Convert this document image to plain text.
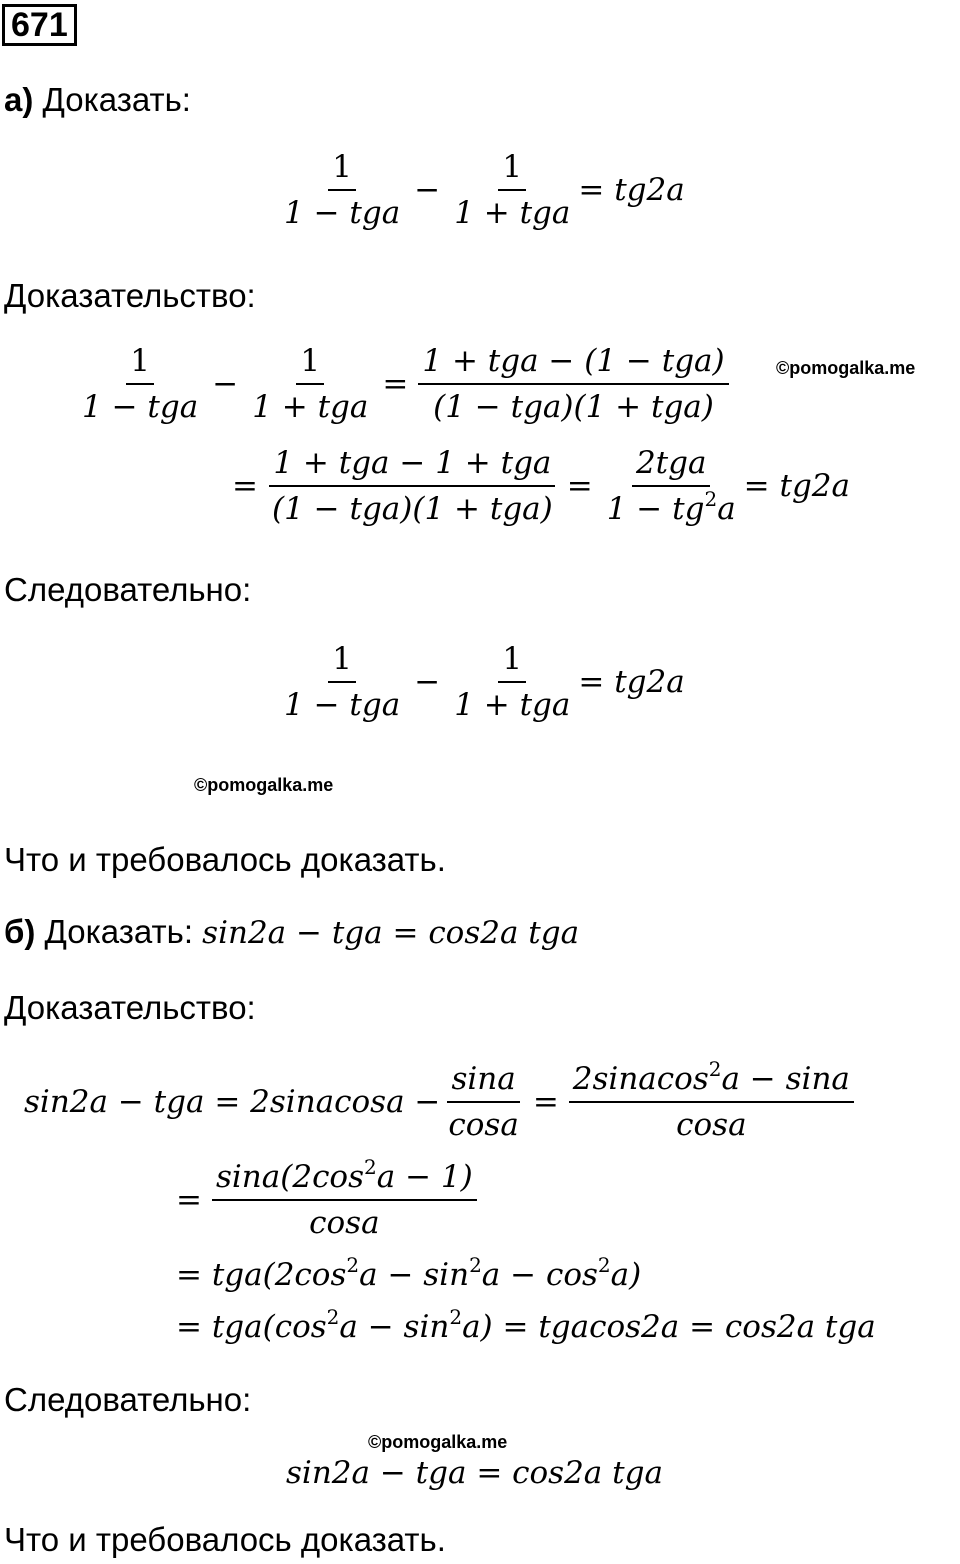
671
а) Доказать:
$\frac{1}{\text{1 − tga}} - \frac{1}{\text{1 + tga}} = tg2a$
Доказательство:
$\frac{1}{\text{1 − tga}} - \frac{1}{\text{1 + tga}} = \frac{\text{1 + tga − (1 − tga)}}{\text{(1 − tga)(1 + tga)}}$	©pomogalka.me
= $\frac{\text{1 + tga − 1 + tga}}{\text{(1 − tga)(1 + tga)}} = \frac{\text{2tga}}{1 - tg^2a} = tg2a$
Следовательно:
$\frac{1}{\text{1 − tga}} - \frac{1}{\text{1 + tga}} = tg2a$
©pomogalka.me
Что и требовалось доказать.
б) Доказать: sin2a − tga = cos2a tga
Доказательство:
sin2a − tga = 2sinacosa − $\frac{\sin a}{\cos a} = \frac{2sinacos^2a - \sin a}{\cos a}$
= $\frac{\sin a(2\cos^2a - 1)}{\cos a}$
= $tga(2\cos^2a - \sin^2a - \cos^2a)$
= $tga(\cos^2a - \sin^2a) = tgacos2a = \cos 2a$ tga
Следовательно:
©pomogalka.me
sin2a − tga = cos2a tga
Что и требовалось доказать.
